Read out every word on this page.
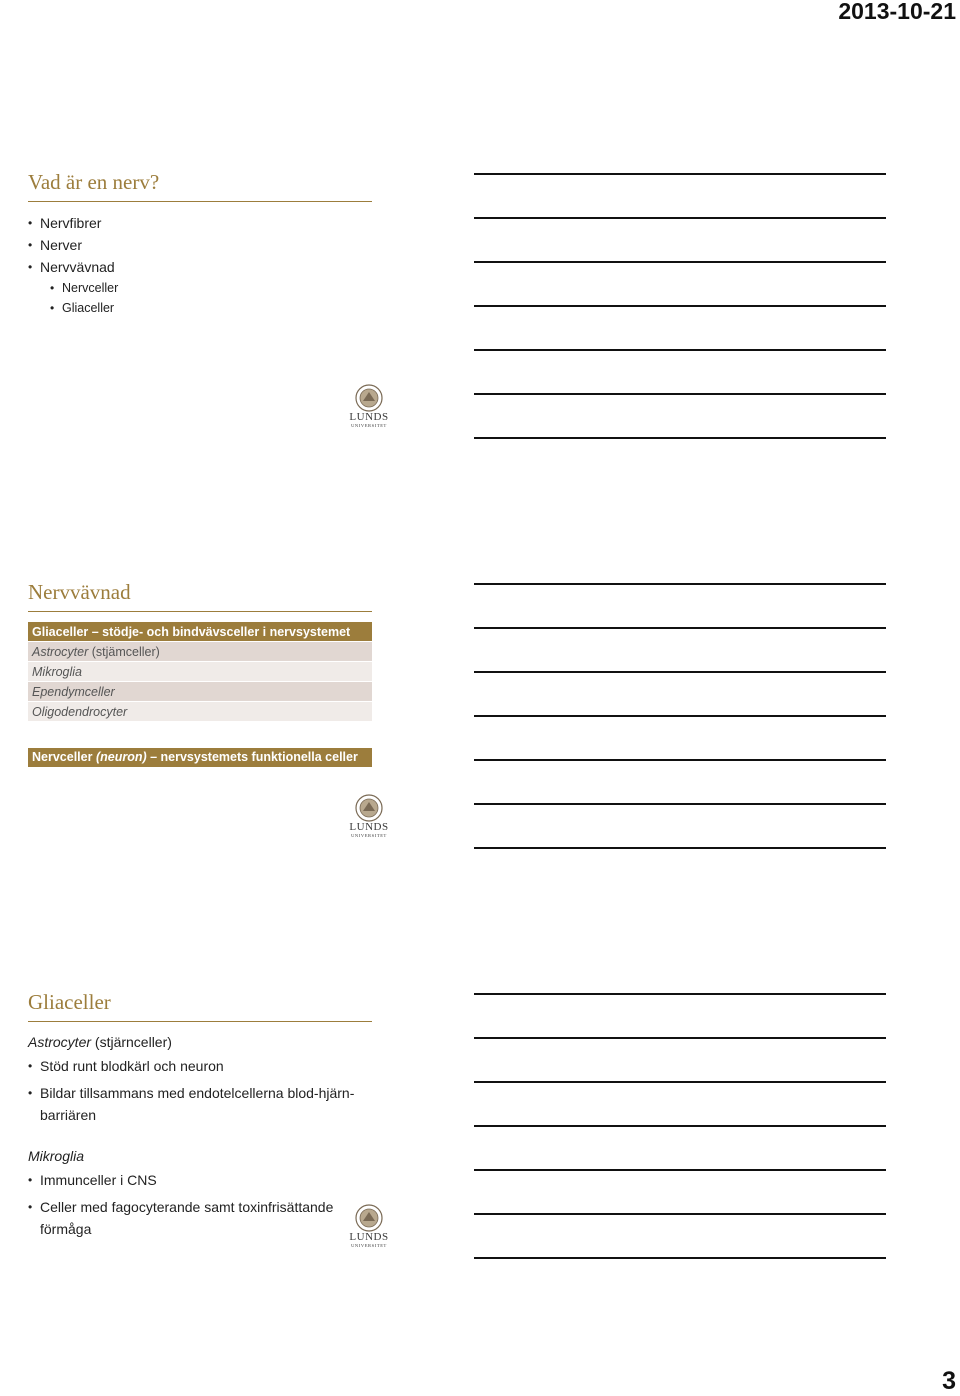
2013-10-21
Vad är en nerv?
• Nervfibrer
• Nerver
• Nervvävnad
• Nervceller
• Gliaceller
LUNDS
UNIVERSITET
Nervvävnad
Gliaceller – stödje- och bindvävsceller i nervsystemet
Astrocyter (stjämceller)
Mikroglia
Ependymceller
Oligodendrocyter
Nervceller (neuron) – nervsystemets funktionella celler
LUNDS
UNIVERSITET
Gliaceller

Astrocyter (stjärnceller)

• Stöd runt blodkärl och neuron
• Bildar tillsammans med endotelcellerna blod-hjärn-barriären

Mikroglia

• Immunceller i CNS
• Celler med fagocyterande samt toxinfrisättande förmåga	LUNDS
UNIVERSITET
3
